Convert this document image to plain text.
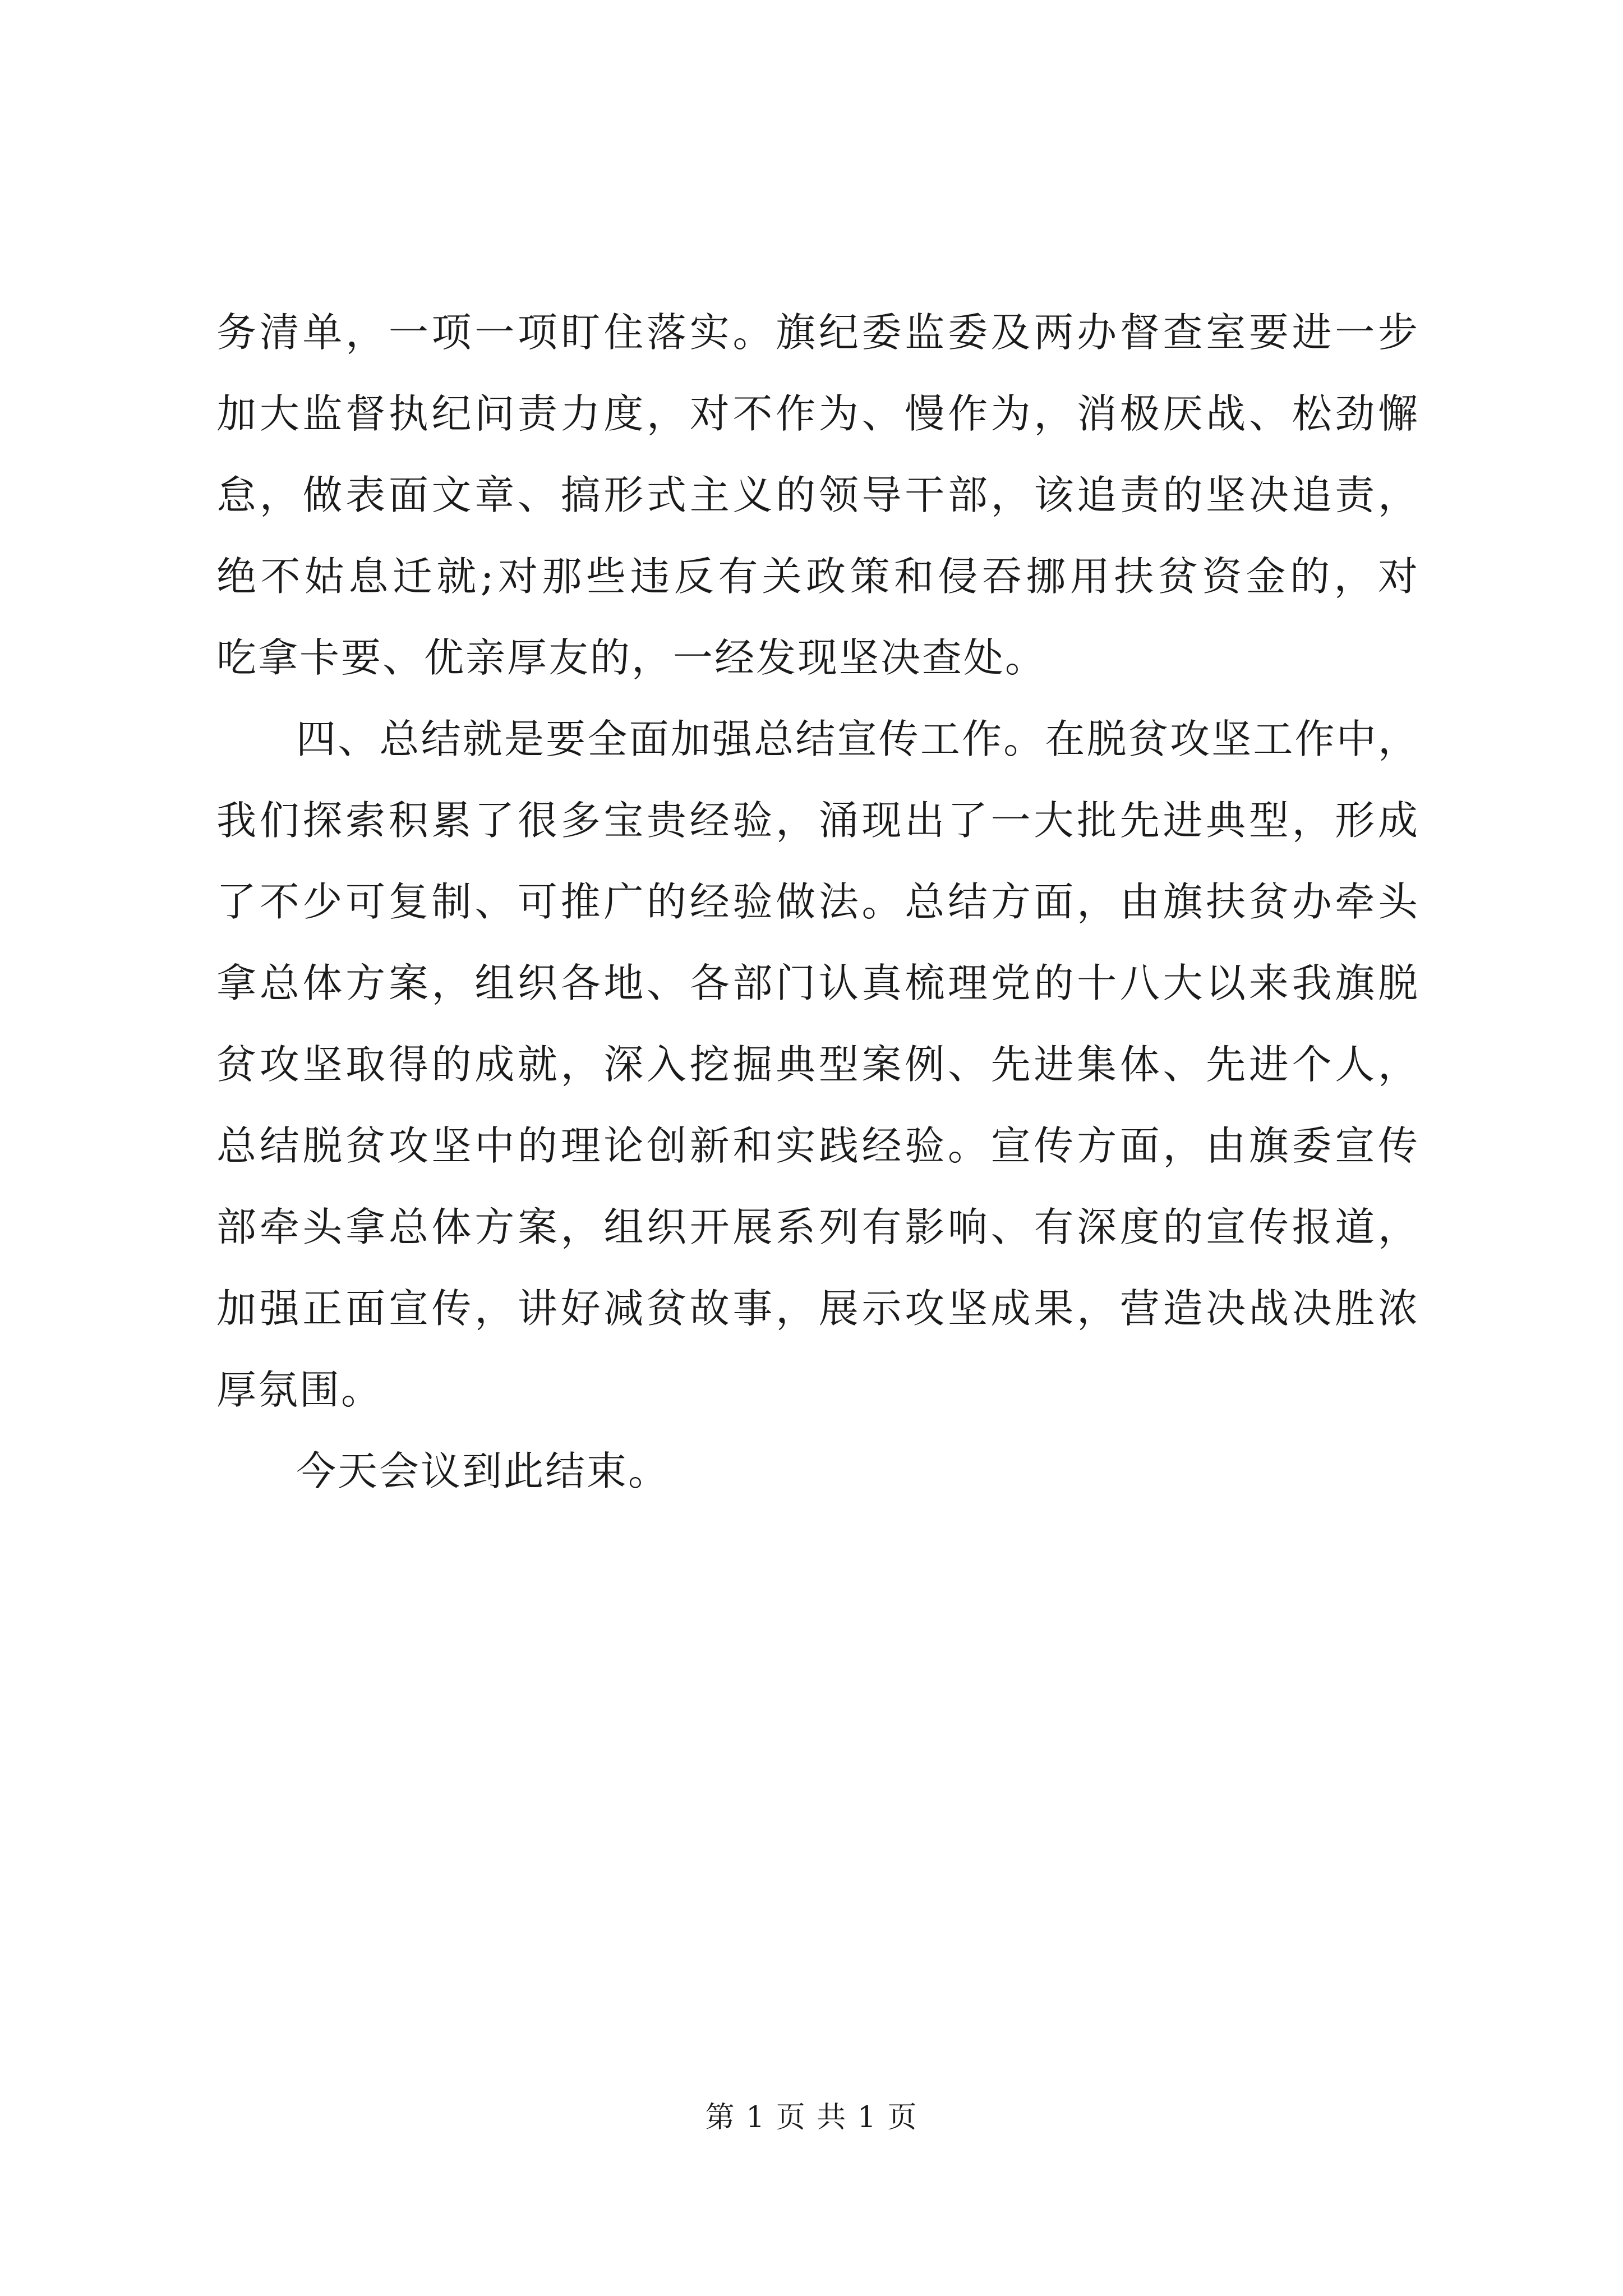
务清单，一项一项盯住落实。旗纪委监委及两办督查室要进一步
加大监督执纪问责力度，对不作为、慢作为，消极厌战、松劲懈
怠，做表面文章、搞形式主义的领导干部，该追责的坚决追责，
绝不姑息迁就;对那些违反有关政策和侵吞挪用扶贫资金的，对
吃拿卡要、优亲厚友的，一经发现坚决查处。
四、总结就是要全面加强总结宣传工作。在脱贫攻坚工作中，
我们探索积累了很多宝贵经验，涌现出了一大批先进典型，形成
了不少可复制、可推广的经验做法。总结方面，由旗扶贫办牵头
拿总体方案，组织各地、各部门认真梳理党的十八大以来我旗脱
贫攻坚取得的成就，深入挖掘典型案例、先进集体、先进个人，
总结脱贫攻坚中的理论创新和实践经验。宣传方面，由旗委宣传
部牵头拿总体方案，组织开展系列有影响、有深度的宣传报道，
加强正面宣传，讲好减贫故事，展示攻坚成果，营造决战决胜浓
厚氛围。
今天会议到此结束。
第 1 页 共 1 页
